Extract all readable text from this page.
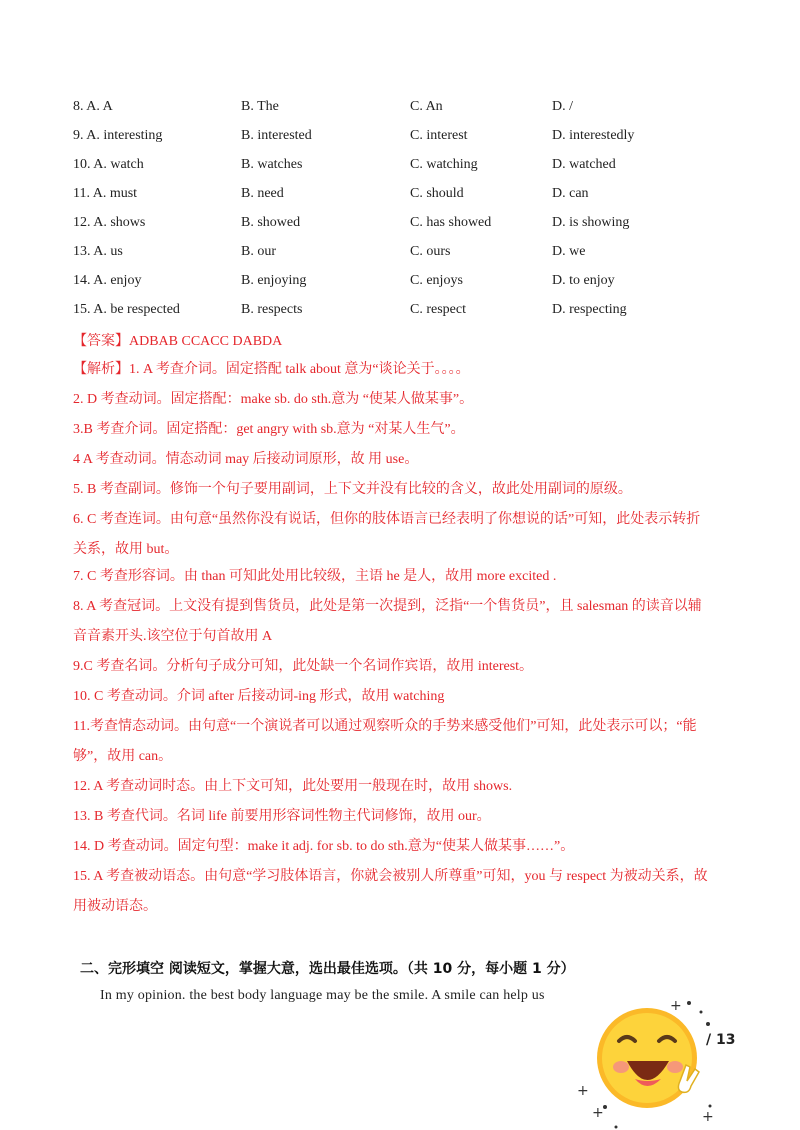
8. A. A	B. The	C. An	D. /
9. A. interesting	B. interested	C. interest	D. interestedly
10. A. watch	B. watches	C. watching	D. watched
11. A. must	B. need	C. should	D. can
12. A. shows	B. showed	C. has showed	D. is showing
13. A. us	B. our	C. ours	D. we
14. A. enjoy	B. enjoying	C. enjoys	D. to enjoy
15. A. be respected	B. respects	C. respect	D. respecting
【答案】ADBAB CCACC DABDA

【解析】1. A 考查介词。固定搭配 talk about 意为“谈论关于。。。。

2. D 考查动词。固定搭配：make sb. do sth.意为 “使某人做某事”。

3.B 考查介词。固定搭配：get angry with sb.意为 “对某人生气”。

4 A 考查动词。情态动词 may 后接动词原形，故 用 use。

5. B 考查副词。修饰一个句子要用副词，上下文并没有比较的含义，故此处用副词的原级。

6. C 考查连词。由句意“虽然你没有说话，但你的肢体语言已经表明了你想说的话”可知，此处表示转折

关系，故用 but。

7. C 考查形容词。由 than 可知此处用比较级，主语 he 是人，故用 more excited .

8. A 考查冠词。上文没有提到售货员，此处是第一次提到，泛指“一个售货员”，且 salesman 的读音以辅

音音素开头.该空位于句首故用 A

9.C 考查名词。分析句子成分可知，此处缺一个名词作宾语，故用 interest。

10. C 考查动词。介词 after 后接动词-ing 形式，故用 watching

11.考查情态动词。由句意“一个演说者可以通过观察听众的手势来感受他们”可知，此处表示可以；“能

够”，故用 can。

12. A 考查动词时态。由上下文可知，此处要用一般现在时，故用 shows.

13. B 考查代词。名词 life 前要用形容词性物主代词修饰，故用 our。

14. D 考查动词。固定句型：make it adj. for sb. to do sth.意为“使某人做某事……”。

15. A 考查被动语态。由句意“学习肢体语言，你就会被别人所尊重”可知，you 与 respect 为被动关系，故

用被动语态。

二、完形填空 阅读短文，掌握大意，选出最佳选项。（共 10 分，每小题 1 分）
In my opinion. the best body language may be the smile. A smile can help us
+
+
+	+
/ 13
